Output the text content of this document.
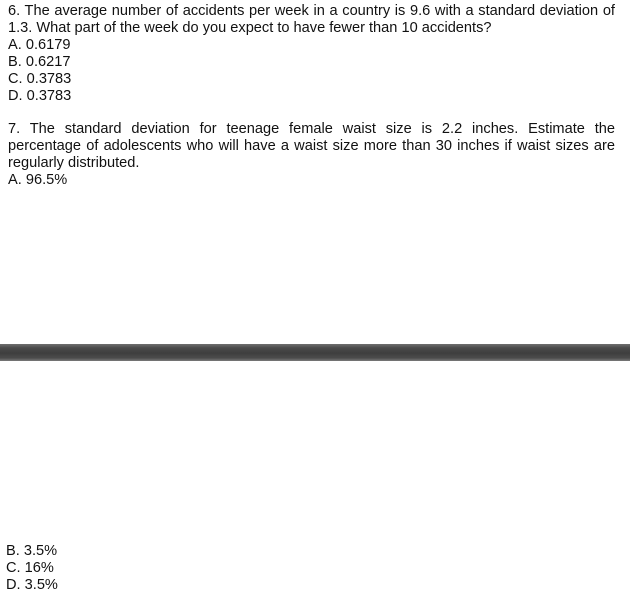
6. The average number of accidents per week in a country is 9.6 with a standard deviation of 1.3. What part of the week do you expect to have fewer than 10 accidents?

A. 0.6179

B. 0.6217

C. 0.3783

D. 0.3783

7. The standard deviation for teenage female waist size is 2.2 inches. Estimate the percentage of adolescents who will have a waist size more than 30 inches if waist sizes are regularly distributed.

A. 96.5%

B. 3.5%

C. 16%

D. 3.5%
